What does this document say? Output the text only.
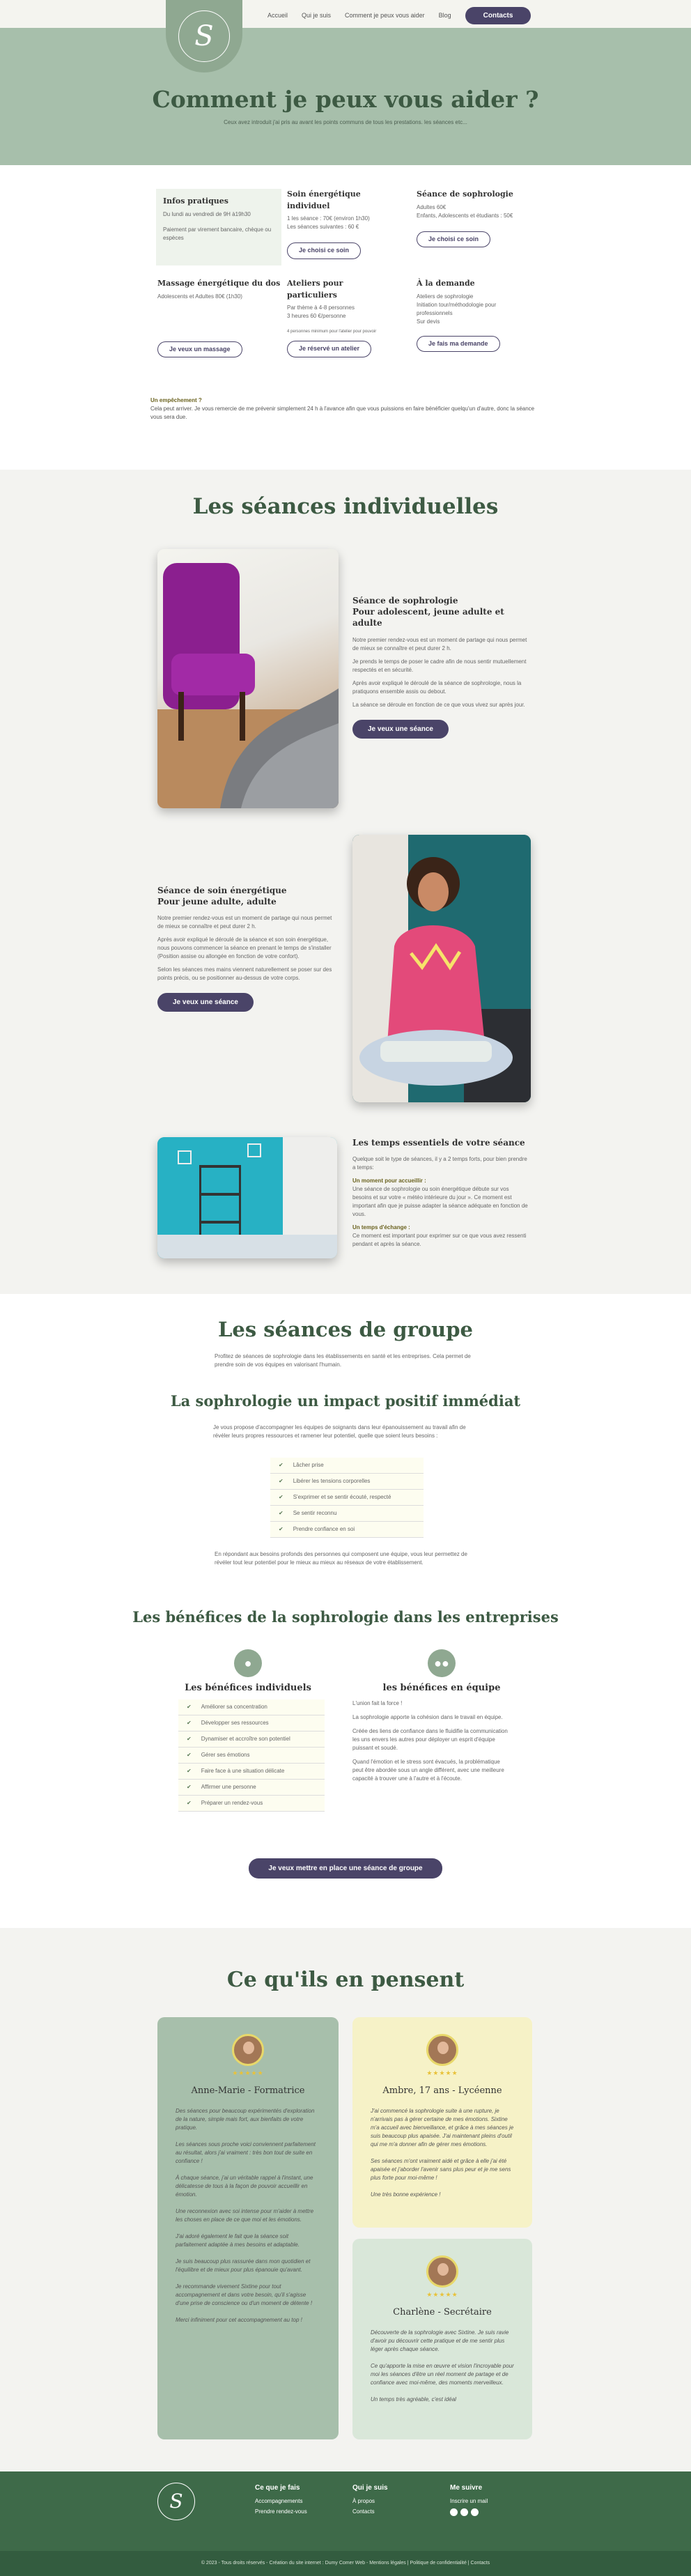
S
Accueil Qui je suis Comment je peux vous aider Blog	Contacts
Comment je peux vous aider ?

Ceux avez introduit j'ai pris au avant les points communs de tous les prestations. les séances etc...

Infos pratiques

Du lundi au vendredi de 9H à19h30

Paiement par virement bancaire, chèque ou espèces

Soin énergétique individuel
1 les séance : 70€ (environ 1h30)
Les séances suivantes : 60 €
Je choisi ce soin
Séance de sophrologie
Adultes 60€
Enfants, Adolescents et étudiants : 50€
Je choisi ce soin
Massage énergétique du dos
Adolescents et Adultes 80€ (1h30)
Je veux un massage
Ateliers pour particuliers
Par thème à 4-8 personnes
3 heures 60 €/personne
4 personnes minimum pour l'atelier pour pouvoir
Je réservé un atelier
À la demande
Ateliers de sophrologie
Initiation tour/méthodologie pour professionnels
Sur devis
Je fais ma demande
Un empêchement ?
Cela peut arriver. Je vous remercie de me prévenir simplement 24 h à l'avance afin que vous puissions en faire bénéficier quelqu'un d'autre, donc la séance vous sera due.
Les séances individuelles
Séance de sophrologie
Pour adolescent, jeune adulte et adulte

Notre premier rendez-vous est un moment de partage qui nous permet de mieux se connaître et peut durer 2 h.

Je prends le temps de poser le cadre afin de nous sentir mutuellement respectés et en sécurité.

Après avoir expliqué le déroulé de la séance de sophrologie, nous la pratiquons ensemble assis ou debout.

La séance se déroule en fonction de ce que vous vivez sur après jour.

Je veux une séance
Séance de soin énergétique
Pour jeune adulte, adulte

Notre premier rendez-vous est un moment de partage qui nous permet de mieux se connaître et peut durer 2 h.

Après avoir expliqué le déroulé de la séance et son soin énergétique, nous pouvons commencer la séance en prenant le temps de s'installer (Position assise ou allongée en fonction de votre confort).

Selon les séances mes mains viennent naturellement se poser sur des points précis, ou se positionner au-dessus de votre corps.

Je veux une séance
Les temps essentiels de votre séance

Quelque soit le type de séances, il y a 2 temps forts, pour bien prendre a temps:

Un moment pour accueillir :

Une séance de sophrologie ou soin énergétique débute sur vos besoins et sur votre « météo intérieure du jour ». Ce moment est important afin que je puisse adapter la séance adéquate en fonction de vous.

Un temps d'échange :

Ce moment est important pour exprimer sur ce que vous avez ressenti pendant et après la séance.

Les séances de groupe

Profitez de séances de sophrologie dans les établissements en santé et les entreprises. Cela permet de prendre soin de vos équipes en valorisant l'humain.

La sophrologie un impact positif immédiat

Je vous propose d'accompagner les équipes de soignants dans leur épanouissement au travail afin de révéler leurs propres ressources et ramener leur potentiel, quelle que soient leurs besoins :

✔ Lâcher prise
✔ Libérer les tensions corporelles
✔ S'exprimer et se sentir écouté, respecté
✔ Se sentir reconnu
✔ Prendre confiance en soi

En répondant aux besoins profonds des personnes qui composent une équipe, vous leur permettez de révéler tout leur potentiel pour le mieux au mieux au réseaux de votre établissement.

Les bénéfices de la sophrologie dans les entreprises
●	●●
Les bénéfices individuels	les bénéfices en équipe
✔ Améliorer sa concentration
✔ Développer ses ressources
✔ Dynamiser et accroître son potentiel
✔ Gérer ses émotions
✔ Faire face à une situation délicate
✔ Affirmer une personne
✔ Préparer un rendez-vous

L'union fait la force !

La sophrologie apporte la cohésion dans le travail en équipe.

Créée des liens de confiance dans le fluidifie la communication les uns envers les autres pour déployer un esprit d'équipe puissant et soudé.

Quand l'émotion et le stress sont évacués, la problématique peut être abordée sous un angle différent, avec une meilleure capacité à trouver une à l'autre et à l'écoute.

Je veux mettre en place une séance de groupe
Ce qu'ils en pensent
★★★★★
Anne-Marie - Formatrice

Des séances pour beaucoup expérimentés d'exploration de la nature, simple mais fort, aux bienfaits de votre pratique.

Les séances sous proche voici conviennent parfaitement au résultat, alors j'ai vraiment : très bon tout de suite en confiance !

À chaque séance, j'ai un véritable rappel à l'instant, une délicatesse de tous à la façon de pouvoir accueillir en émotion.

Une reconnexion avec soi intense pour m'aider à mettre les choses en place de ce que moi et les émotions.

J'ai adoré également le fait que la séance soit parfaitement adaptée à mes besoins et adaptable.

Je suis beaucoup plus rassurée dans mon quotidien et l'équilibre et de mieux pour plus épanouie qu'avant.

Je recommande vivement Sixtine pour tout accompagnement et dans votre besoin, qu'il s'agisse d'une prise de conscience ou d'un moment de détente !

Merci infiniment pour cet accompagnement au top !

★★★★★
Ambre, 17 ans - Lycéenne

J'ai commencé la sophrologie suite à une rupture, je n'arrivais pas à gérer certaine de mes émotions. Sixtine m'a accueil avec bienveillance, et grâce à mes séances je suis beaucoup plus apaisée. J'ai maintenant pleins d'outil qui me m'a donner afin de gérer mes émotions.

Ses séances m'ont vraiment aidé et grâce à elle j'ai été apaisée et j'aborder l'avenir sans plus peur et je me sens plus forte pour moi-même !

Une très bonne expérience !

★★★★★
Charlène - Secrétaire

Découverte de la sophrologie avec Sixtine. Je suis ravie d'avoir pu découvrir cette pratique et de me sentir plus léger après chaque séance.

Ce qu'apporte la mise en œuvre et vision l'incroyable pour moi les séances d'être un réel moment de partage et de confiance avec moi-même, des moments merveilleux.

Un temps très agréable, c'est idéal

S
Ce que je fais
Accompagnements
Prendre rendez-vous
Qui je suis
À propos
Contacts
Me suivre
Inscrire un mail
© 2023 - Tous droits réservés - Création du site internet : Dumy Comer Web - Mentions légales | Politique de confidentialité | Contacts
